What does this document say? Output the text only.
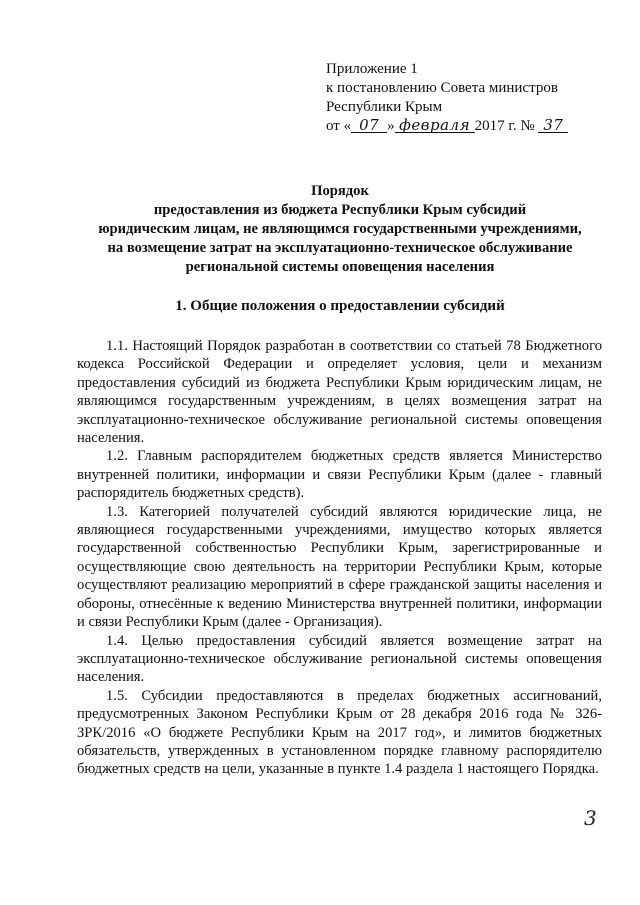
Приложение 1
к постановлению Совета министров
Республики Крым
от « 07 » февраля 2017 г. № 37
Порядок
предоставления из бюджета Республики Крым субсидий
юридическим лицам, не являющимся государственными учреждениями,
на возмещение затрат на эксплуатационно-техническое обслуживание
региональной системы оповещения населения
1. Общие положения о предоставлении субсидий

1.1. Настоящий Порядок разработан в соответствии со статьей 78 Бюджетного кодекса Российской Федерации и определяет условия, цели и механизм предоставления субсидий из бюджета Республики Крым юридическим лицам, не являющимся государственным учреждениям, в целях возмещения затрат на эксплуатационно-техническое обслуживание региональной системы оповещения населения.

1.2. Главным распорядителем бюджетных средств является Министерство внутренней политики, информации и связи Республики Крым (далее - главный распорядитель бюджетных средств).

1.3. Категорией получателей субсидий являются юридические лица, не являющиеся государственными учреждениями, имущество которых является государственной собственностью Республики Крым, зарегистрированные и осуществляющие свою деятельность на территории Республики Крым, которые осуществляют реализацию мероприятий в сфере гражданской защиты населения и обороны, отнесённые к ведению Министерства внутренней политики, информации и связи Республики Крым (далее - Организация).

1.4. Целью предоставления субсидий является возмещение затрат на эксплуатационно-техническое обслуживание региональной системы оповещения населения.

1.5. Субсидии предоставляются в пределах бюджетных ассигнований, предусмотренных Законом Республики Крым от 28 декабря 2016 года № 326-ЗРК/2016 «О бюджете Республики Крым на 2017 год», и лимитов бюджетных обязательств, утвержденных в установленном порядке главному распорядителю бюджетных средств на цели, указанные в пункте 1.4 раздела 1 настоящего Порядка.

3
